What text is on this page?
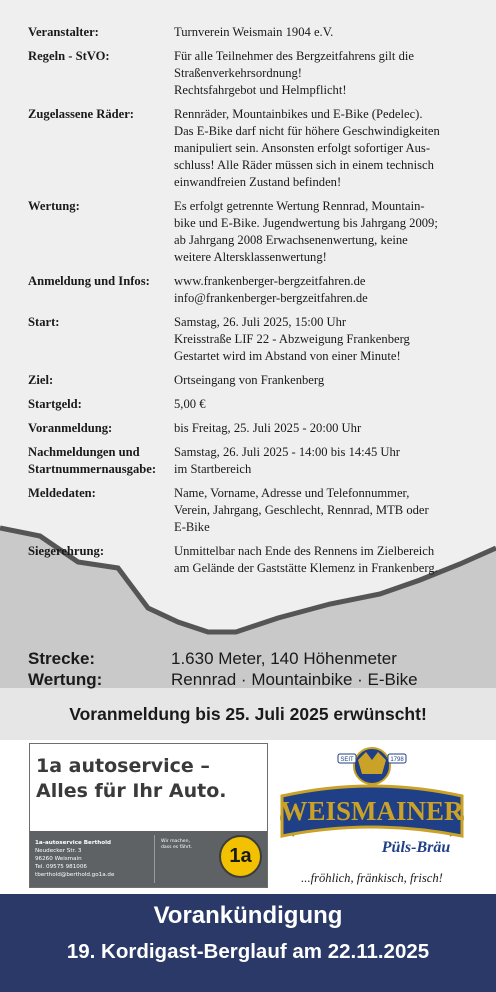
Veranstalter:	Turnverein Weismain 1904 e.V.
Regeln - StVO:	Für alle Teilnehmer des Bergzeitfahrens gilt die
Straßenverkehrsordnung!
Rechtsfahrgebot und Helmpflicht!
Zugelassene Räder:	Rennräder, Mountainbikes und E-Bike (Pedelec).
Das E-Bike darf nicht für höhere Geschwindigkeiten
manipuliert sein. Ansonsten erfolgt sofortiger Aus-
schluss! Alle Räder müssen sich in einem technisch
einwandfreien Zustand befinden!
Wertung:	Es erfolgt getrennte Wertung Rennrad, Mountain-
bike und E-Bike. Jugendwertung bis Jahrgang 2009;
ab Jahrgang 2008 Erwachsenenwertung, keine
weitere Altersklassenwertung!
Anmeldung und Infos:	www.frankenberger-bergzeitfahren.de
info@frankenberger-bergzeitfahren.de
Start:	Samstag, 26. Juli 2025, 15:00 Uhr
Kreisstraße LIF 22 - Abzweigung Frankenberg
Gestartet wird im Abstand von einer Minute!
Ziel:	Ortseingang von Frankenberg
Startgeld:	5,00 €
Voranmeldung:	bis Freitag, 25. Juli 2025 - 20:00 Uhr
Nachmeldungen und
Startnummernausgabe:
Samstag, 26. Juli 2025 - 14:00 bis 14:45 Uhr
im Startbereich
Meldedaten:	Name, Vorname, Adresse und Telefonnummer,
Verein, Jahrgang, Geschlecht, Rennrad, MTB oder
E-Bike
Siegerehrung:	Unmittelbar nach Ende des Rennens im Zielbereich
am Gelände der Gaststätte Klemenz in Frankenberg.
Strecke:	1.630 Meter, 140 Höhenmeter
Wertung:	Rennrad · Mountainbike · E-Bike
Voranmeldung bis 25. Juli 2025 erwünscht!
1a autoservice –
Alles für Ihr Auto.
1a-autoservice Berthold
Neudecker Str. 3
96260 Weismain
Tel. 09575 981006
tberthold@berthold.go1a.de
Wir machen,
dass es fährt.	1a
SEIT	1798
WEISMAINER
Püls-Bräu
...fröhlich, fränkisch, frisch!
Vorankündigung
19. Kordigast-Berglauf am 22.11.2025
